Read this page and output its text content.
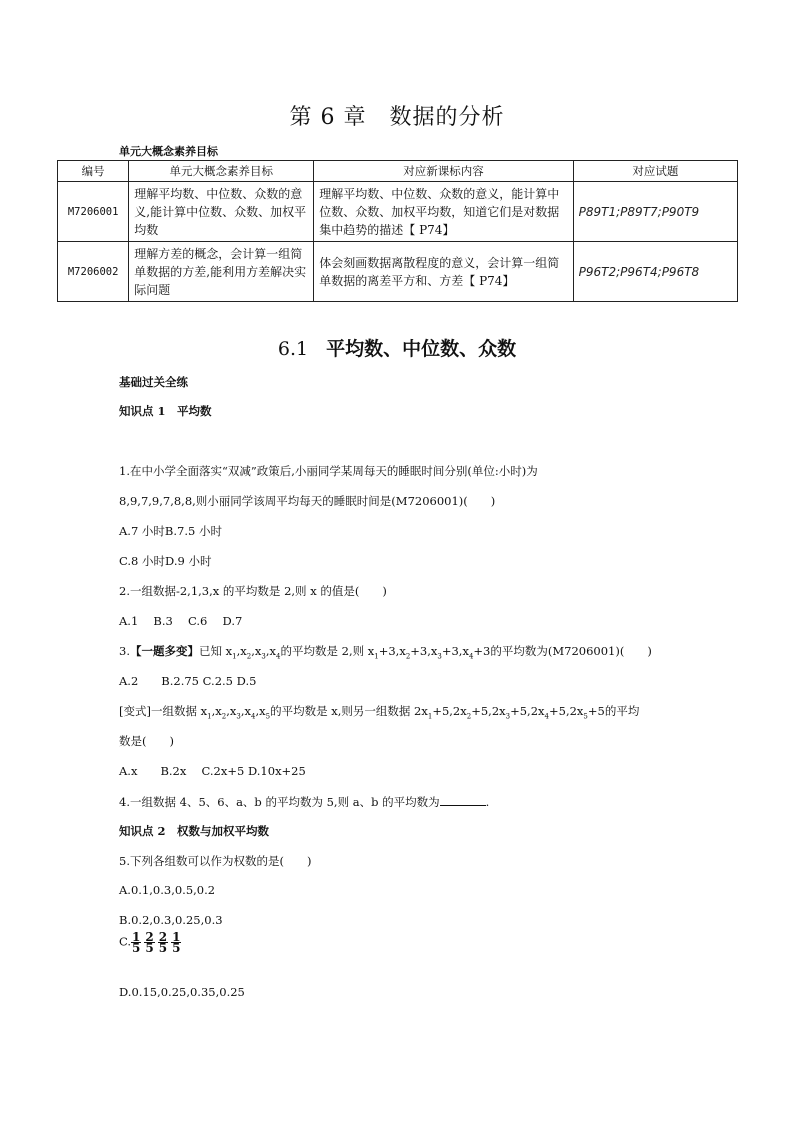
第 6 章　数据的分析
单元大概念素养目标
编号	单元大概念素养目标	对应新课标内容	对应试题
M7206001	理解平均数、中位数、众数的意义,能计算中位数、众数、加权平均数	理解平均数、中位数、众数的意义，能计算中位数、众数、加权平均数，知道它们是对数据集中趋势的描述【 P74】	P89T1;P89T7;P90T9
M7206002	理解方差的概念，会计算一组简单数据的方差,能利用方差解决实际问题	体会刻画数据离散程度的意义，会计算一组简单数据的离差平方和、方差【 P74】	P96T2;P96T4;P96T8
6.1 平均数、中位数、众数
基础过关全练
知识点 1　平均数
1.在中小学全面落实“双减”政策后,小丽同学某周每天的睡眠时间分别(单位:小时)为
8,9,7,9,7,8,8,则小丽同学该周平均每天的睡眠时间是(M7206001)(　　)
A.7 小时B.7.5 小时
C.8 小时D.9 小时
2.一组数据-2,1,3,x 的平均数是 2,则 x 的值是(　　)
A.1　 B.3　 C.6　 D.7
3.【一题多变】已知 $x_1,x_2,x_3,x_4$的平均数是 2,则 $x_1+3,x_2+3,x_3+3,x_4+3$的平均数为(M7206001)(　　)
A.2　　B.2.75 C.2.5 D.5
[变式]一组数据 $x_1,x_2,x_3,x_4,x_5$的平均数是 x,则另一组数据 $2x_1+5,2x_2+5,2x_3+5,2x_4+5,2x_5+5$的平均
数是(　　)
A.x　　B.2x　 C.2x+5 D.10x+25
4.一组数据 4、5、6、a、b 的平均数为 5,则 a、b 的平均数为	.
知识点 2　权数与加权平均数
5.下列各组数可以作为权数的是(　　)
A.0.1,0.3,0.5,0.2
B.0.2,0.3,0.25,0.3
C. $\frac{1}{5} \frac{2}{5} \frac{2}{5} \frac{1}{5}$
D.0.15,0.25,0.35,0.25
